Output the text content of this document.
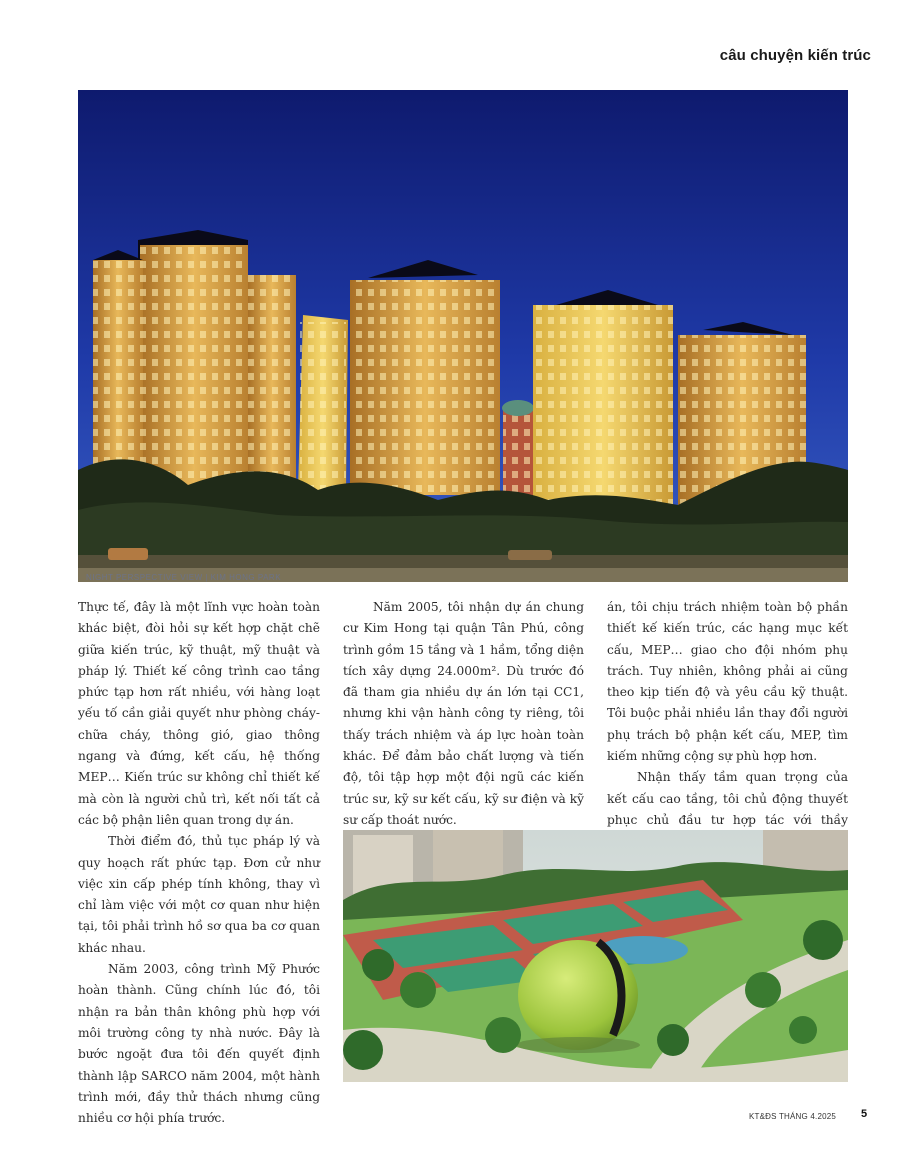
câu chuyện kiến trúc
NIGHT PERSPECTIVE VIEW | KIM HONG PARK

Thực tế, đây là một lĩnh vực hoàn toàn khác biệt, đòi hỏi sự kết hợp chặt chẽ giữa kiến trúc, kỹ thuật, mỹ thuật và pháp lý. Thiết kế công trình cao tầng phức tạp hơn rất nhiều, với hàng loạt yếu tố cần giải quyết như phòng cháy-chữa cháy, thông gió, giao thông ngang và đứng, kết cấu, hệ thống MEP… Kiến trúc sư không chỉ thiết kế mà còn là người chủ trì, kết nối tất cả các bộ phận liên quan trong dự án.

Thời điểm đó, thủ tục pháp lý và quy hoạch rất phức tạp. Đơn cử như việc xin cấp phép tính không, thay vì chỉ làm việc với một cơ quan như hiện tại, tôi phải trình hồ sơ qua ba cơ quan khác nhau.

Năm 2003, công trình Mỹ Phước hoàn thành. Cũng chính lúc đó, tôi nhận ra bản thân không phù hợp với môi trường công ty nhà nước. Đây là bước ngoặt đưa tôi đến quyết định thành lập SARCO năm 2004, một hành trình mới, đầy thử thách nhưng cũng nhiều cơ hội phía trước.

Năm 2005, tôi nhận dự án chung cư Kim Hong tại quận Tân Phú, công trình gồm 15 tầng và 1 hầm, tổng diện tích xây dựng 24.000m². Dù trước đó đã tham gia nhiều dự án lớn tại CC1, nhưng khi vận hành công ty riêng, tôi thấy trách nhiệm và áp lực hoàn toàn khác. Để đảm bảo chất lượng và tiến độ, tôi tập hợp một đội ngũ các kiến trúc sư, kỹ sư kết cấu, kỹ sư điện và kỹ sư cấp thoát nước.

án, tôi chịu trách nhiệm toàn bộ phần thiết kế kiến trúc, các hạng mục kết cấu, MEP… giao cho đội nhóm phụ trách. Tuy nhiên, không phải ai cũng theo kịp tiến độ và yêu cầu kỹ thuật. Tôi buộc phải nhiều lần thay đổi người phụ trách bộ phận kết cấu, MEP, tìm kiếm những cộng sự phù hợp hơn.

Nhận thấy tầm quan trọng của kết cấu cao tầng, tôi chủ động thuyết phục chủ đầu tư hợp tác với thầy

KT&ĐS THÁNG 4.2025 5
